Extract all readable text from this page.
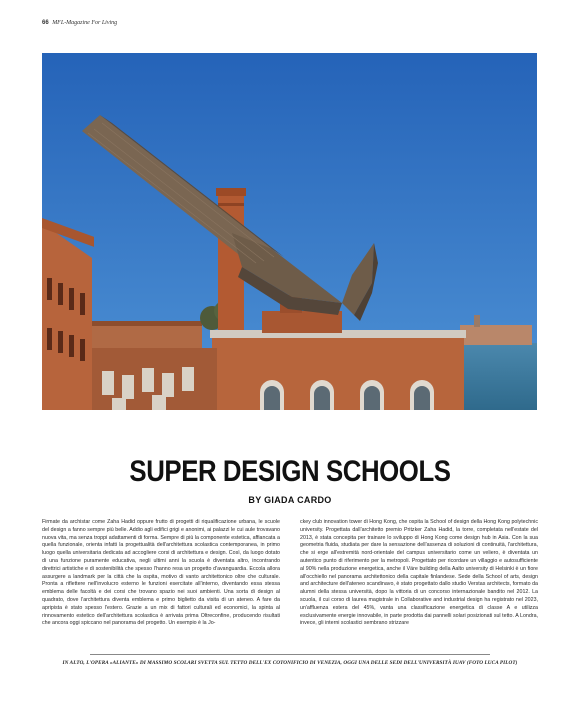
66 MFL-Magazine For Living
SUPER DESIGN SCHOOLS
BY GIADA CARDO
Firmate da archistar come Zaha Hadid oppure frutto di progetti di riqualificazione urbana, le scuole del design a fanno sempre più belle. Addio agli edifici grigi e anonimi, ai palazzi le cui aule trovavano nuova vita, ma senza troppi adattamenti di forma. Sempre di più la componente estetica, affiancata a quella funzionale, orienta infatti la progettualità dell'architettura scolastica contemporanea, in primo luogo quella universitaria dedicata ad accogliere corsi di architettura e design. Così, da luogo dotato di una funzione puramente educativa, negli ultimi anni la scuola è diventata altro, incontrando direttrici artistiche e di sostenibilità che spesso l'hanno resa un progetto d'avanguardia. Eccola allora assurgere a landmark per la città che la ospita, motivo di vanto architettonico oltre che culturale. Pronta a riflettere nell'involucro esterno le funzioni esercitate all'interno, diventando essa stessa emblema delle facoltà e dei corsi che trovano spazio nei suoi ambienti. Una sorta di design al quadrato, dove l'architettura diventa emblema e primo biglietto da visita di un ateneo. A fare da apripista è stato spesso l'estero. Grazie a un mix di fattori culturali ed economici, la spinta al rinnovamento estetico dell'architettura scolastica è arrivata prima Oltreconfine, producendo risultati che ancora oggi spiccano nel panorama del progetto. Un esempio è la Jo-
ckey club innovation tower di Hong Kong, che ospita la School of design della Hong Kong polytechnic university. Progettata dall'architetto premio Pritzker Zaha Hadid, la torre, completata nell'estate del 2013, è stata concepita per trainare lo sviluppo di Hong Kong come design hub in Asia. Con la sua geometria fluida, studiata per dare la sensazione dell'assenza di soluzioni di continuità, l'architettura, che si erge all'estremità nord-orientale del campus universitario come un veliero, è diventata un autentico punto di riferimento per la metropoli. Progettato per ricordare un villaggio e autosufficiente al 90% nella produzione energetica, anche il Väre building della Aalto university di Helsinki è un fiore all'occhiello nel panorama architettonico della capitale finlandese. Sede della School of arts, design and architecture dell'ateneo scandinavo, è stato progettato dallo studio Verstas architects, formato da alumni della stessa università, dopo la vittoria di un concorso internazionale bandito nel 2012. La scuola, il cui corso di laurea magistrale in Collaborative and industrial design ha registrato nel 2023, un'affluenza estera del 45%, vanta una classificazione energetica di classe A e utilizza esclusivamente energie innovabile, in parte prodotta dai pannelli solari posizionati sul tetto. A Londra, invece, gli interni scolastici sembrano strizzare
IN ALTO, L'OPERA «ALIANTE» DI MASSIMO SCOLARI SVETTA SUL TETTO DELL'EX COTONIFICIO DI VENEZIA, OGGI UNA DELLE SEDI DELL'UNIVERSITÀ IUAV (FOTO LUCA PILOT)
